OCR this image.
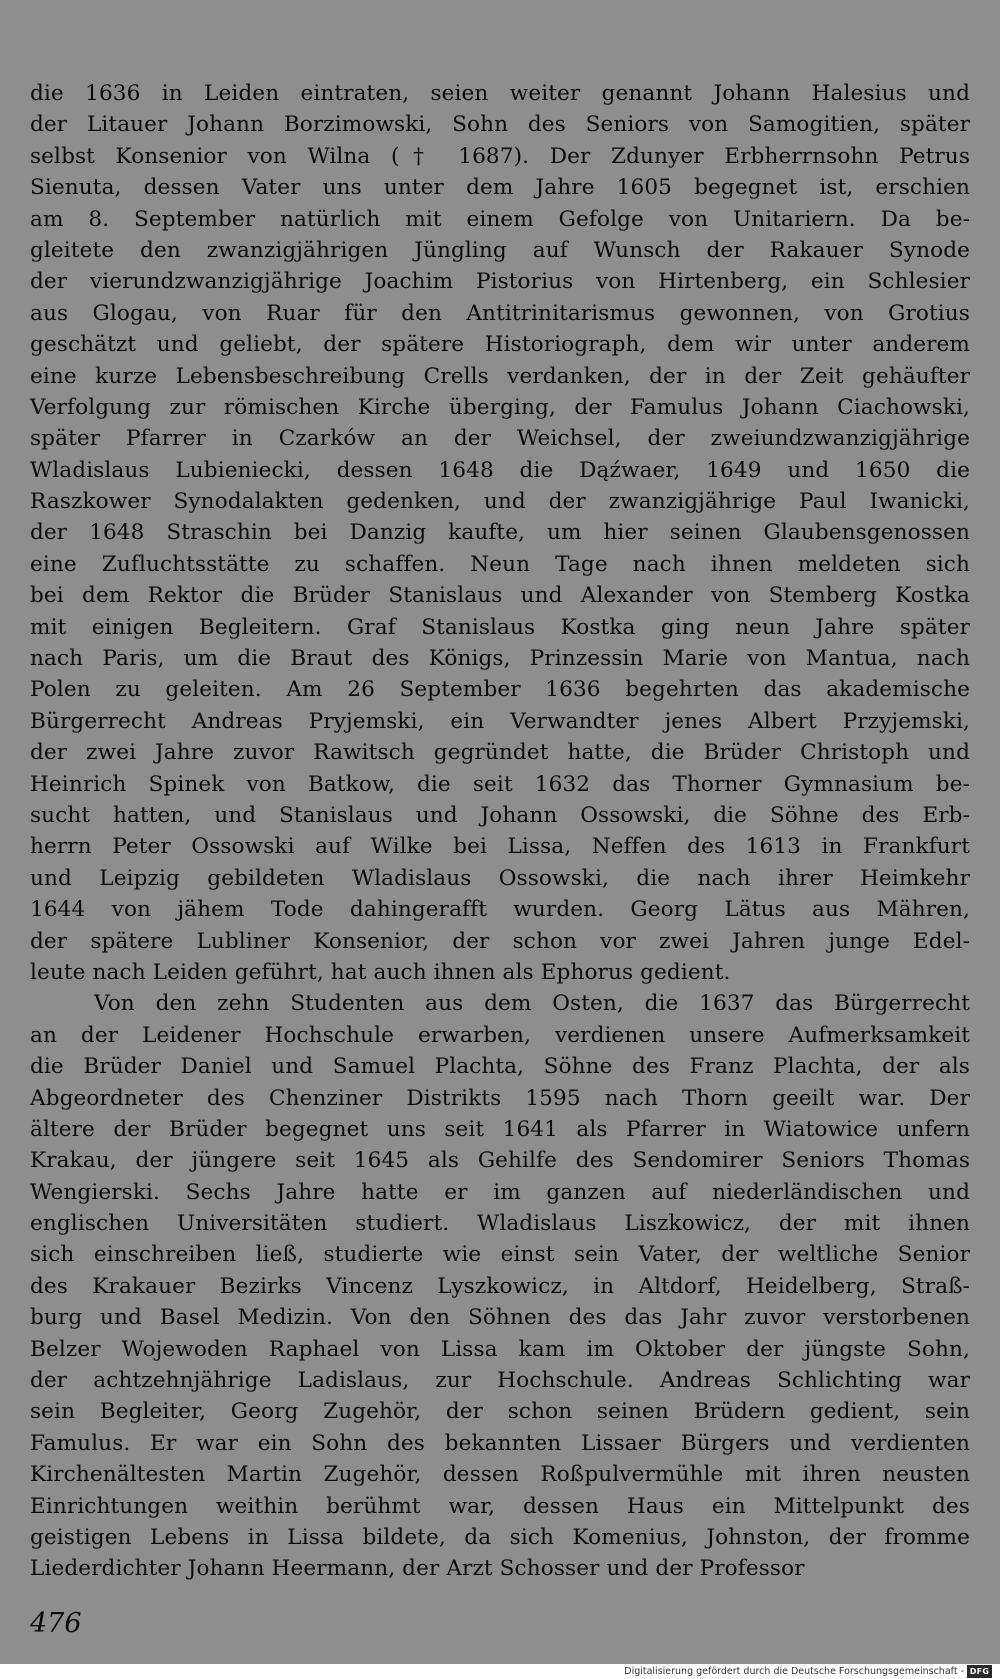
die 1636 in Leiden eintraten, seien weiter genannt Johann Halesius und
der Litauer Johann Borzimowski, Sohn des Seniors von Samogitien, später
selbst Konsenior von Wilna († 1687). Der Zdunyer Erbherrnsohn Petrus
Sienuta, dessen Vater uns unter dem Jahre 1605 begegnet ist, erschien
am 8. September natürlich mit einem Gefolge von Unitariern. Da be-
gleitete den zwanzigjährigen Jüngling auf Wunsch der Rakauer Synode
der vierundzwanzigjährige Joachim Pistorius von Hirtenberg, ein Schlesier
aus Glogau, von Ruar für den Antitrinitarismus gewonnen, von Grotius
geschätzt und geliebt, der spätere Historiograph, dem wir unter anderem
eine kurze Lebensbeschreibung Crells verdanken, der in der Zeit gehäufter
Verfolgung zur römischen Kirche überging, der Famulus Johann Ciachowski,
später Pfarrer in Czarków an der Weichsel, der zweiundzwanzigjährige
Wladislaus Lubieniecki, dessen 1648 die Dąźwaer, 1649 und 1650 die
Raszkower Synodalakten gedenken, und der zwanzigjährige Paul Iwanicki,
der 1648 Straschin bei Danzig kaufte, um hier seinen Glaubensgenossen
eine Zufluchtsstätte zu schaffen. Neun Tage nach ihnen meldeten sich
bei dem Rektor die Brüder Stanislaus und Alexander von Stemberg Kostka
mit einigen Begleitern. Graf Stanislaus Kostka ging neun Jahre später
nach Paris, um die Braut des Königs, Prinzessin Marie von Mantua, nach
Polen zu geleiten. Am 26 September 1636 begehrten das akademische
Bürgerrecht Andreas Pryjemski, ein Verwandter jenes Albert Przyjemski,
der zwei Jahre zuvor Rawitsch gegründet hatte, die Brüder Christoph und
Heinrich Spinek von Batkow, die seit 1632 das Thorner Gymnasium be-
sucht hatten, und Stanislaus und Johann Ossowski, die Söhne des Erb-
herrn Peter Ossowski auf Wilke bei Lissa, Neffen des 1613 in Frankfurt
und Leipzig gebildeten Wladislaus Ossowski, die nach ihrer Heimkehr
1644 von jähem Tode dahingerafft wurden. Georg Lätus aus Mähren,
der spätere Lubliner Konsenior, der schon vor zwei Jahren junge Edel-
leute nach Leiden geführt, hat auch ihnen als Ephorus gedient.
Von den zehn Studenten aus dem Osten, die 1637 das Bürgerrecht
an der Leidener Hochschule erwarben, verdienen unsere Aufmerksamkeit
die Brüder Daniel und Samuel Plachta, Söhne des Franz Plachta, der als
Abgeordneter des Chenziner Distrikts 1595 nach Thorn geeilt war. Der
ältere der Brüder begegnet uns seit 1641 als Pfarrer in Wiatowice unfern
Krakau, der jüngere seit 1645 als Gehilfe des Sendomirer Seniors Thomas
Wengierski. Sechs Jahre hatte er im ganzen auf niederländischen und
englischen Universitäten studiert. Wladislaus Liszkowicz, der mit ihnen
sich einschreiben ließ, studierte wie einst sein Vater, der weltliche Senior
des Krakauer Bezirks Vincenz Lyszkowicz, in Altdorf, Heidelberg, Straß-
burg und Basel Medizin. Von den Söhnen des das Jahr zuvor verstorbenen
Belzer Wojewoden Raphael von Lissa kam im Oktober der jüngste Sohn,
der achtzehnjährige Ladislaus, zur Hochschule. Andreas Schlichting war
sein Begleiter, Georg Zugehör, der schon seinen Brüdern gedient, sein
Famulus. Er war ein Sohn des bekannten Lissaer Bürgers und verdienten
Kirchenältesten Martin Zugehör, dessen Roßpulvermühle mit ihren neusten
Einrichtungen weithin berühmt war, dessen Haus ein Mittelpunkt des
geistigen Lebens in Lissa bildete, da sich Komenius, Johnston, der fromme
Liederdichter Johann Heermann, der Arzt Schosser und der Professor
476
Digitalisierung gefördert durch die Deutsche Forschungsgemeinschaft - DFG
